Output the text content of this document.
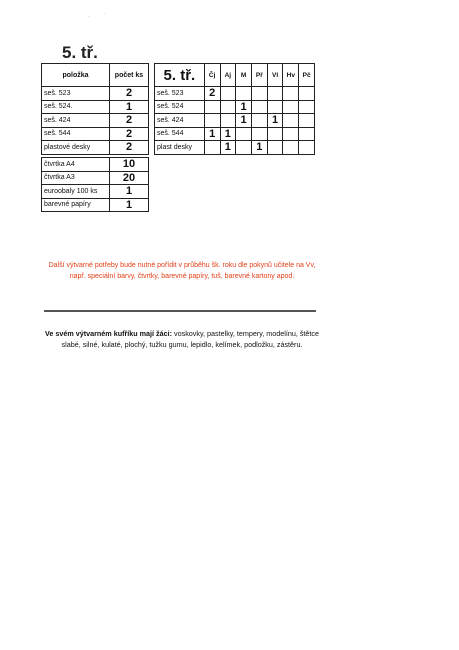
· ˙
5. tř.
položka	počet ks
seš. 523	2
seš. 524.	1
seš. 424	2
seš. 544	2
plastové desky	2
čtvrtka A4	10
čtvrtka A3	20
euroobaly 100 ks	1
barevné papíry	1
5. tř.	Čj	Aj	M	Př	Vl	Hv	Pč
seš. 523	2						
seš. 524			1				
seš. 424			1		1		
seš. 544	1	1					
plast desky		1		1			
Další výtvarné potřeby bude nutné pořídit v průběhu šk. roku dle pokynů učitele na Vv, např. speciální barvy, čtvrtky, barevné papíry, tuš, barevné kartony apod.
Ve svém výtvarném kufříku mají žáci: voskovky, pastelky, tempery, modelínu, štětce slabé, silné, kulaté, plochý, tužku gumu, lepidlo, kelímek, podložku, zástěru.
